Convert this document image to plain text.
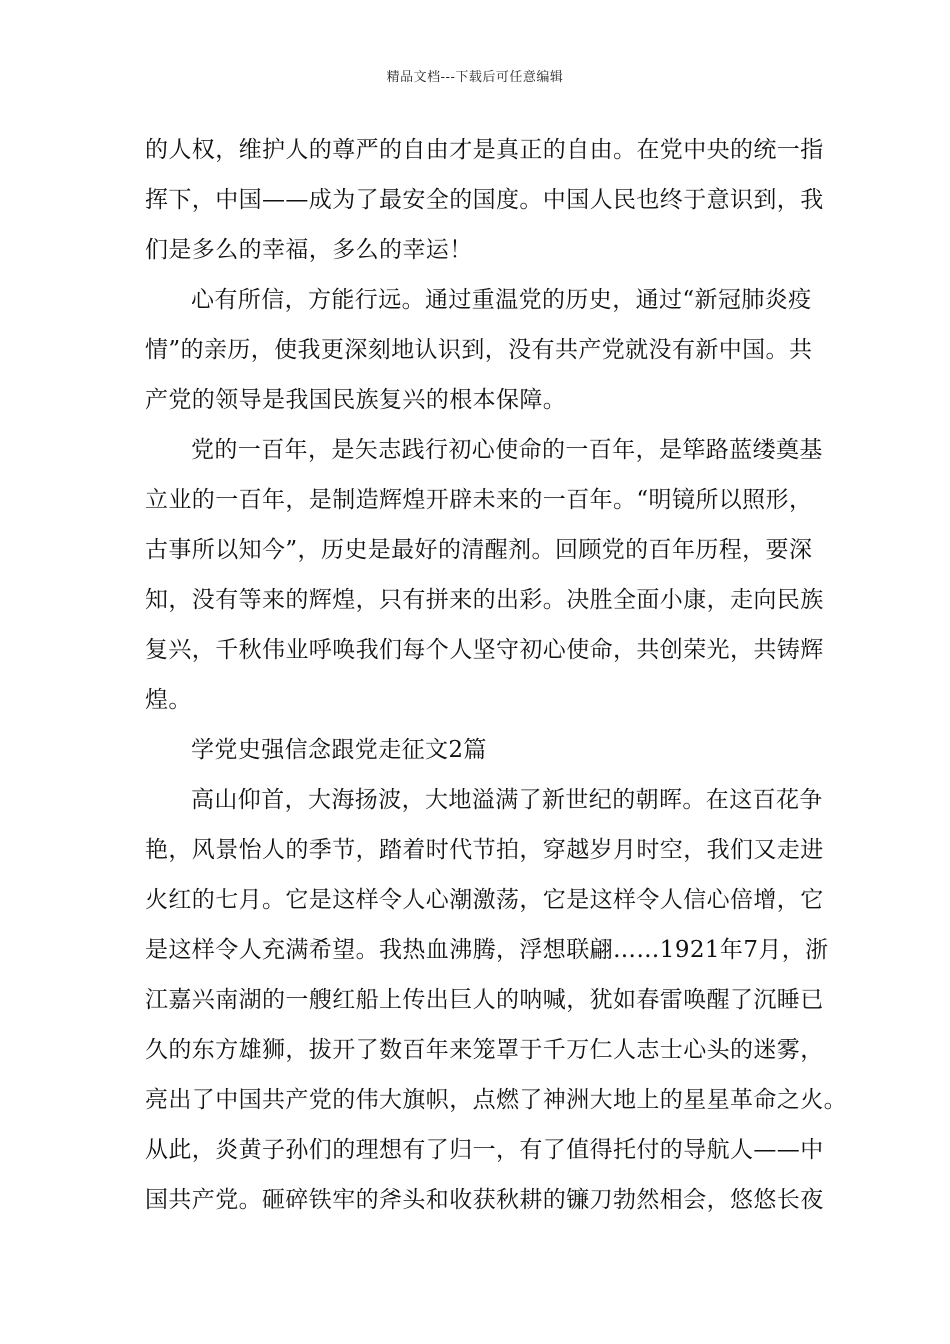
精品文档---下载后可任意编辑
的人权，维护人的尊严的自由才是真正的自由。在党中央的统一指
挥下，中国——成为了最安全的国度。中国人民也终于意识到，我
们是多么的幸福，多么的幸运！
心有所信，方能行远。通过重温党的历史，通过“新冠肺炎疫
情”的亲历，使我更深刻地认识到，没有共产党就没有新中国。共
产党的领导是我国民族复兴的根本保障。
党的一百年，是矢志践行初心使命的一百年，是筚路蓝缕奠基
立业的一百年，是制造辉煌开辟未来的一百年。“明镜所以照形，
古事所以知今”，历史是最好的清醒剂。回顾党的百年历程，要深
知，没有等来的辉煌，只有拼来的出彩。决胜全面小康，走向民族
复兴，千秋伟业呼唤我们每个人坚守初心使命，共创荣光，共铸辉
煌。
学党史强信念跟党走征文2篇
高山仰首，大海扬波，大地溢满了新世纪的朝晖。在这百花争
艳，风景怡人的季节，踏着时代节拍，穿越岁月时空，我们又走进
火红的七月。它是这样令人心潮激荡，它是这样令人信心倍增，它
是这样令人充满希望。我热血沸腾，浮想联翩……1921年7月，浙
江嘉兴南湖的一艘红船上传出巨人的呐喊，犹如春雷唤醒了沉睡已
久的东方雄狮，拔开了数百年来笼罩于千万仁人志士心头的迷雾，
亮出了中国共产党的伟大旗帜，点燃了神洲大地上的星星革命之火。
从此，炎黄子孙们的理想有了归一，有了值得托付的导航人——中
国共产党。砸碎铁牢的斧头和收获秋耕的镰刀勃然相会，悠悠长夜
